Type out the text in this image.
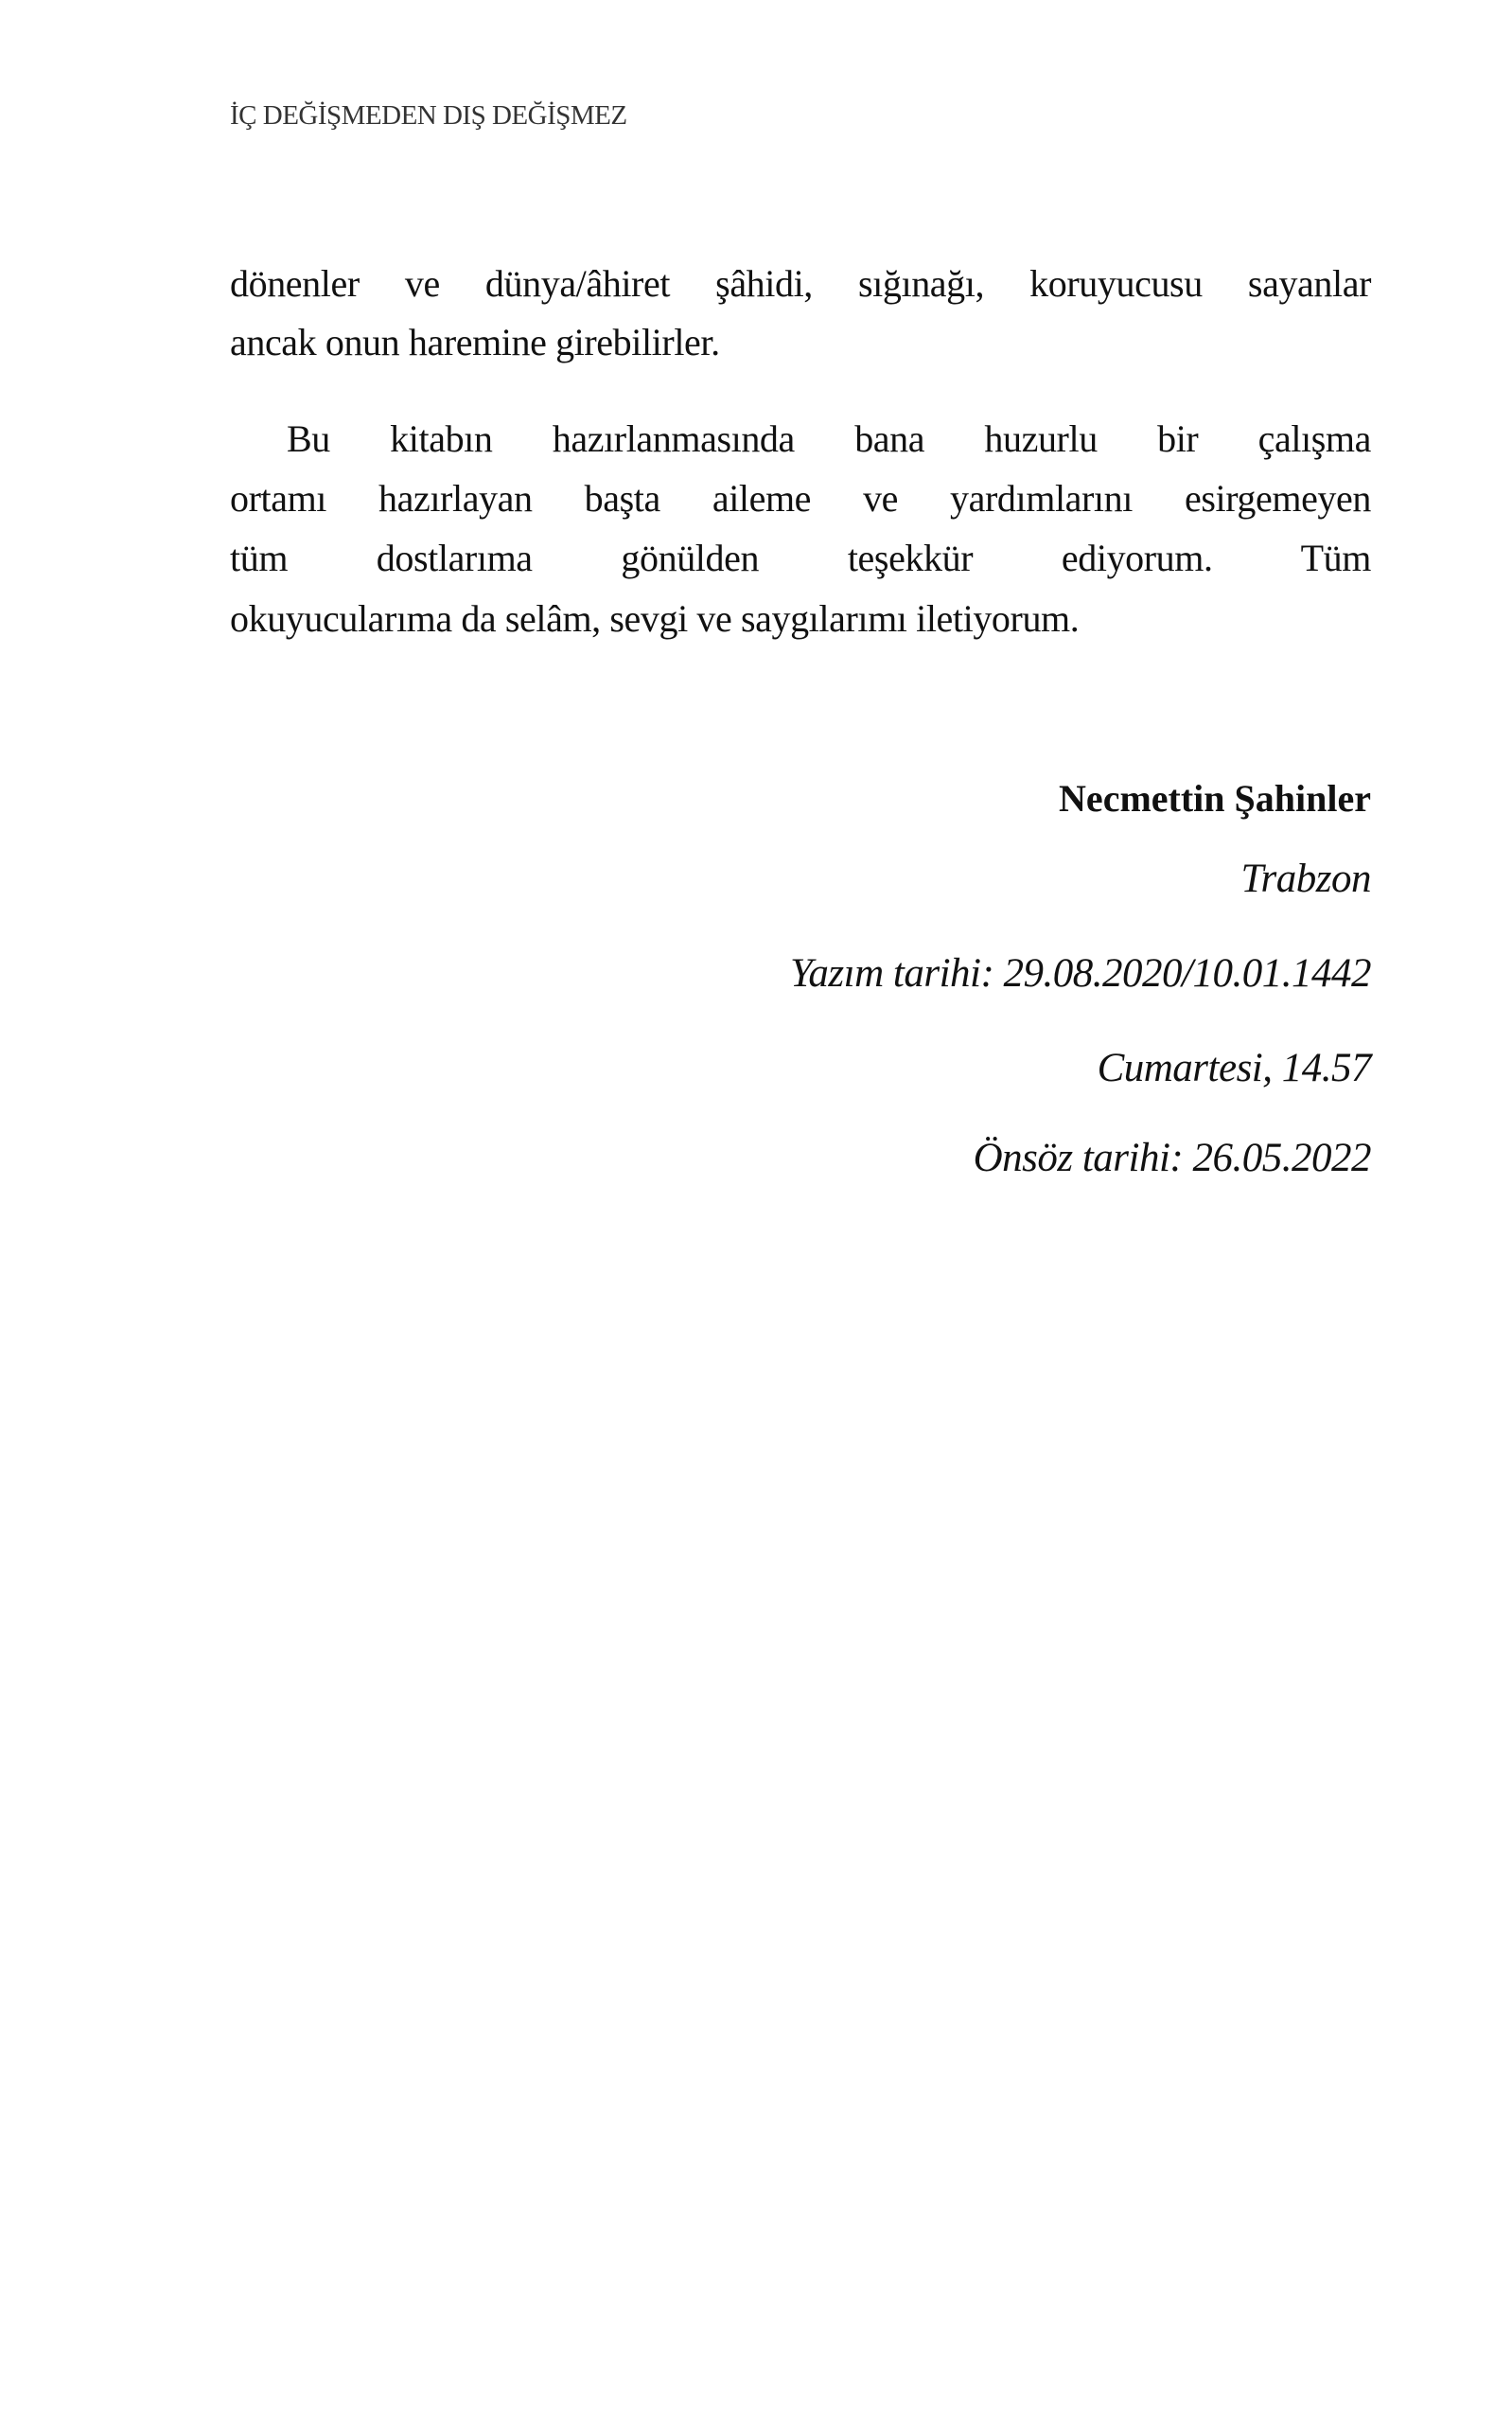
İÇ DEĞİŞMEDEN DIŞ DEĞİŞMEZ
dönenler ve dünya/âhiret şâhidi, sığınağı, koruyucusu sayanlar
ancak onun haremine girebilirler.
Bu kitabın hazırlanmasında bana huzurlu bir çalışma
ortamı hazırlayan başta aileme ve yardımlarını esirgemeyen
tüm dostlarıma gönülden teşekkür ediyorum. Tüm
okuyucularıma da selâm, sevgi ve saygılarımı iletiyorum.
Necmettin Şahinler
Trabzon
Yazım tarihi: 29.08.2020/10.01.1442
Cumartesi, 14.57
Önsöz tarihi: 26.05.2022
